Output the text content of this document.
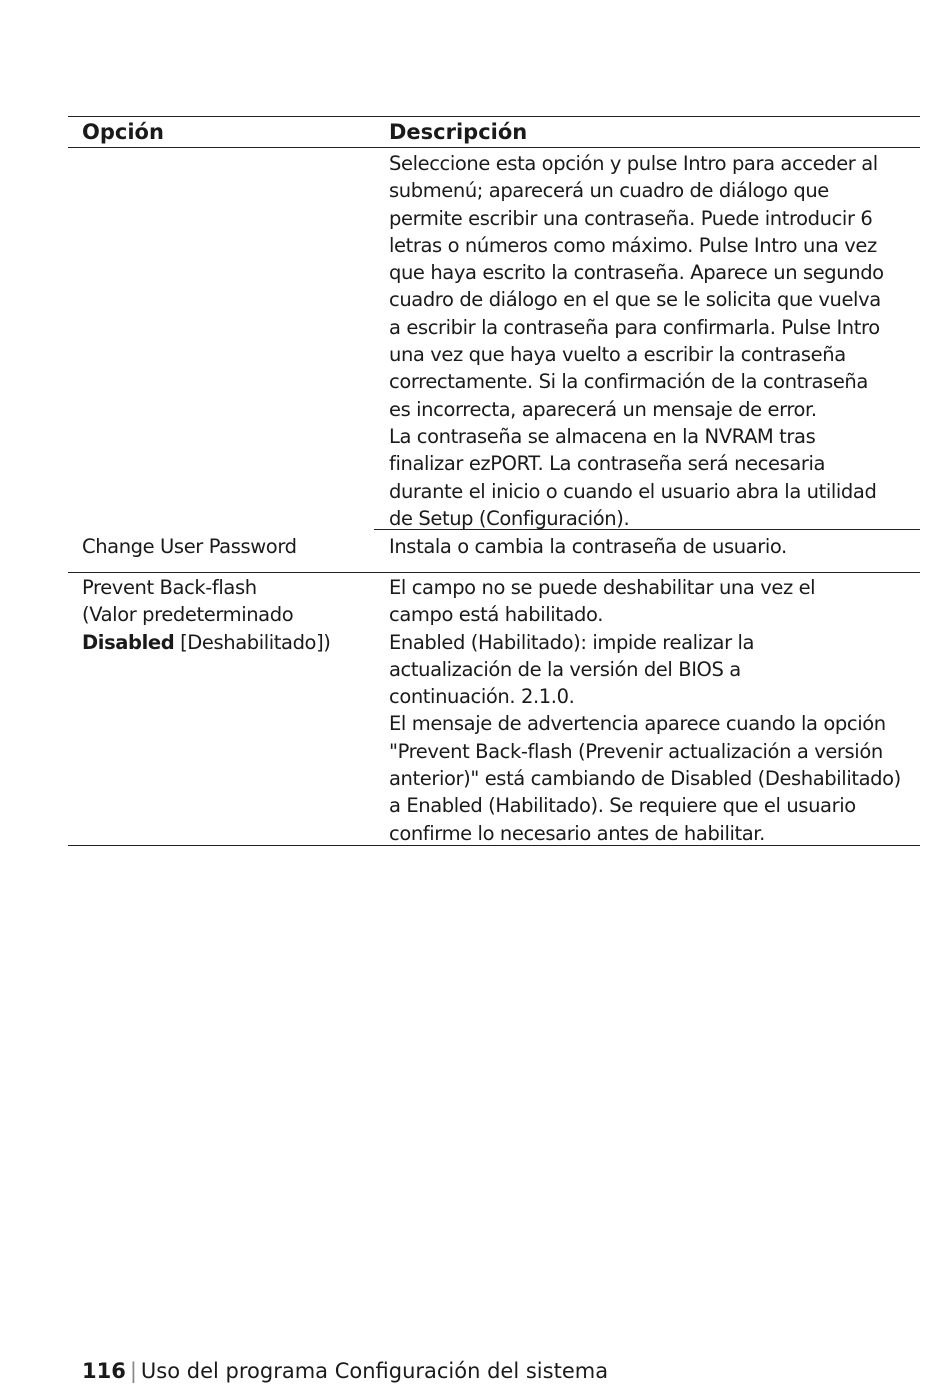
Opción	Descripción
Seleccione esta opción y pulse Intro para acceder al
submenú; aparecerá un cuadro de diálogo que
permite escribir una contraseña. Puede introducir 6
letras o números como máximo. Pulse Intro una vez
que haya escrito la contraseña. Aparece un segundo
cuadro de diálogo en el que se le solicita que vuelva
a escribir la contraseña para confirmarla. Pulse Intro
una vez que haya vuelto a escribir la contraseña
correctamente. Si la confirmación de la contraseña
es incorrecta, aparecerá un mensaje de error.
La contraseña se almacena en la NVRAM tras
finalizar ezPORT. La contraseña será necesaria
durante el inicio o cuando el usuario abra la utilidad
de Setup (Configuración).
Change User Password	Instala o cambia la contraseña de usuario.
Prevent Back-flash
(Valor predeterminado
Disabled [Deshabilitado])
El campo no se puede deshabilitar una vez el
campo está habilitado.
Enabled (Habilitado): impide realizar la
actualización de la versión del BIOS a
continuación. 2.1.0.
El mensaje de advertencia aparece cuando la opción
"Prevent Back-flash (Prevenir actualización a versión
anterior)" está cambiando de Disabled (Deshabilitado)
a Enabled (Habilitado). Se requiere que el usuario
confirme lo necesario antes de habilitar.
116 | Uso del programa Configuración del sistema
